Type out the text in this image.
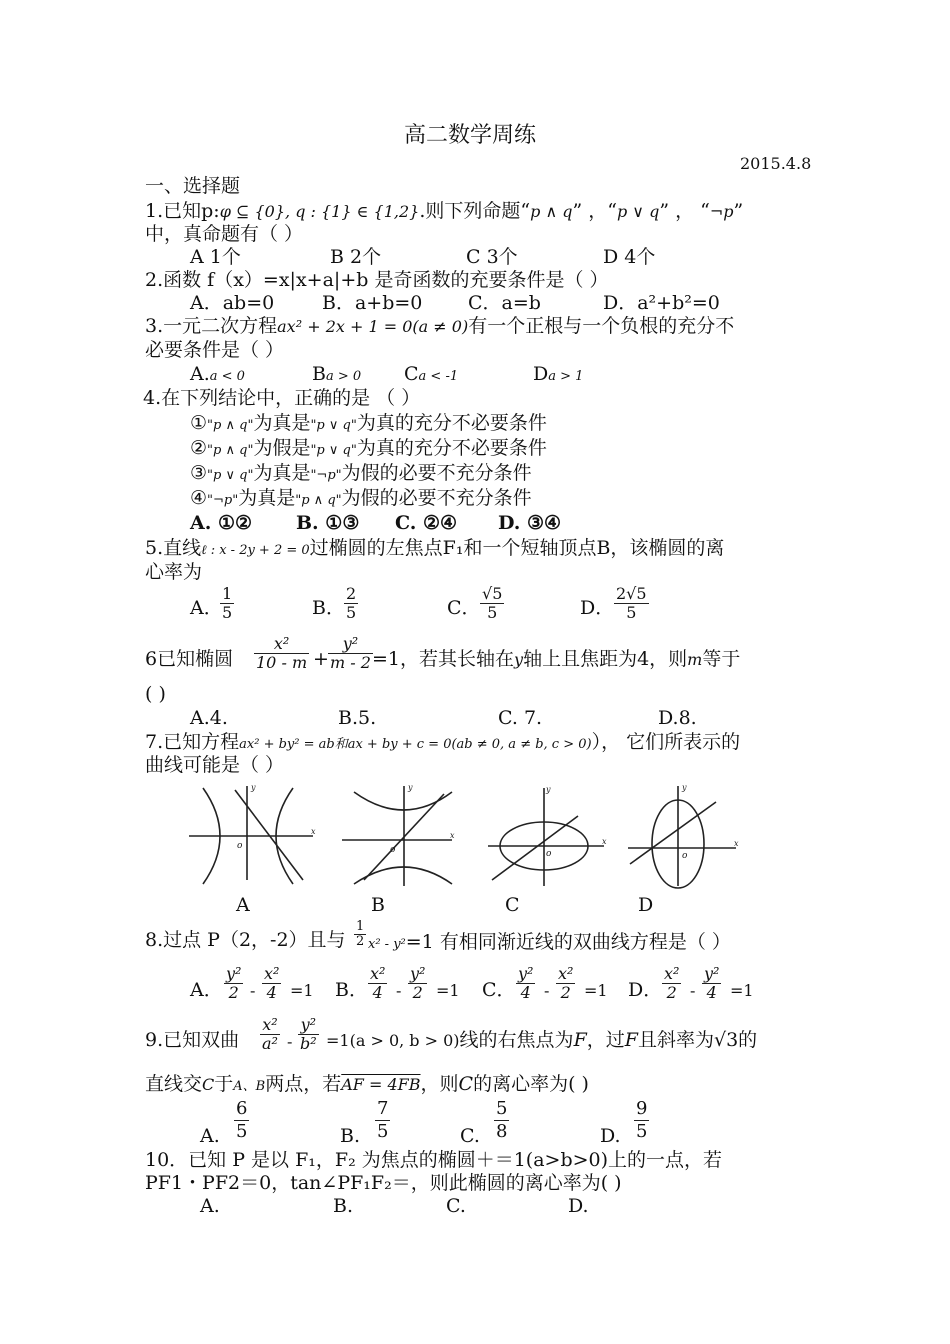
高二数学周练
2015.4.8
一、选择题
1.已知p:φ ⊆ {0}, q : {1} ∈ {1,2}.则下列命题“p ∧ q” ，“p ∨ q” ， “¬p”
中，真命题有（ ）
A 1个	B 2个	C 3个	D 4个
2.函数 f（x）=x|x+a|+b 是奇函数的充要条件是（ ）
A．ab=0	B．a+b=0 C．a=b	D．a²+b²=0
3.一元二次方程ax² + 2x + 1 = 0(a ≠ 0)有一个正根与一个负根的充分不
必要条件是（ ）
A.a < 0	Ba > 0 Ca < -1	Da > 1
4.在下列结论中，正确的是 （ ）
①"p ∧ q"为真是"p ∨ q"为真的充分不必要条件
②"p ∧ q"为假是"p ∨ q"为真的充分不必要条件
③"p ∨ q"为真是"¬p"为假的必要不充分条件
④"¬p"为真是"p ∧ q"为假的必要不充分条件
A. ①② B. ①③ C. ②④ D. ③④
5.直线ℓ : x - 2y + 2 = 0过椭圆的左焦点F₁和一个短轴顶点B，该椭圆的离
心率为
A．
$\frac{1}{5}$	B． $\frac{2}{5}$	C． $\frac{√5}{5}$	D． $\frac{2√5}{5}$
6已知椭圆 $\frac{\text{x²}}{10 - m} + \frac{\text{y²}}{m - 2} =1$，若其长轴在y轴上且焦距为4，则m等于
( )
A.4.	B.5.	C. 7.	D.8.
7.已知方程ax² + by² = ab和ax + by + c = 0(ab ≠ 0, a ≠ b, c > 0)）， 它们所表示的
曲线可能是（ ）
o
x
y
o
x
y
o
x
y
o
x
y
A	B	C	D
8.过点 P（2，-2）且与 $\frac{1}{2} x^2 - y^2=1$ 有相同渐近线的双曲线方程是（ ）
A． $\frac{\text{y²}}{2} - \frac{\text{x²}}{4} =1$ B． $\frac{\text{x²}}{4} - \frac{\text{y²}}{2} =1$ C． $\frac{\text{y²}}{4} - \frac{\text{x²}}{2} =1$ D． $\frac{\text{x²}}{2} - \frac{\text{y²}}{4} =1$
9.已知双曲 $\frac{\text{x²}}{\text{a²}} - \frac{\text{y²}}{\text{b²}} =1(a > 0$, b > 0)线的右焦点为F，过F且斜率为√3的
直线交C于A、B两点，若AF = 4FB，则C的离心率为( )
A. $\frac{6}{5}$	B. $\frac{7}{5}$	C. $\frac{5}{8}$	D. $\frac{9}{5}$
10．已知 P 是以 F₁，F₂ 为焦点的椭圆＋＝1(a>b>0)上的一点，若
PF1・PF2＝0，tan∠PF₁F₂＝，则此椭圆的离心率为( )
A.	B.	C.	D.
